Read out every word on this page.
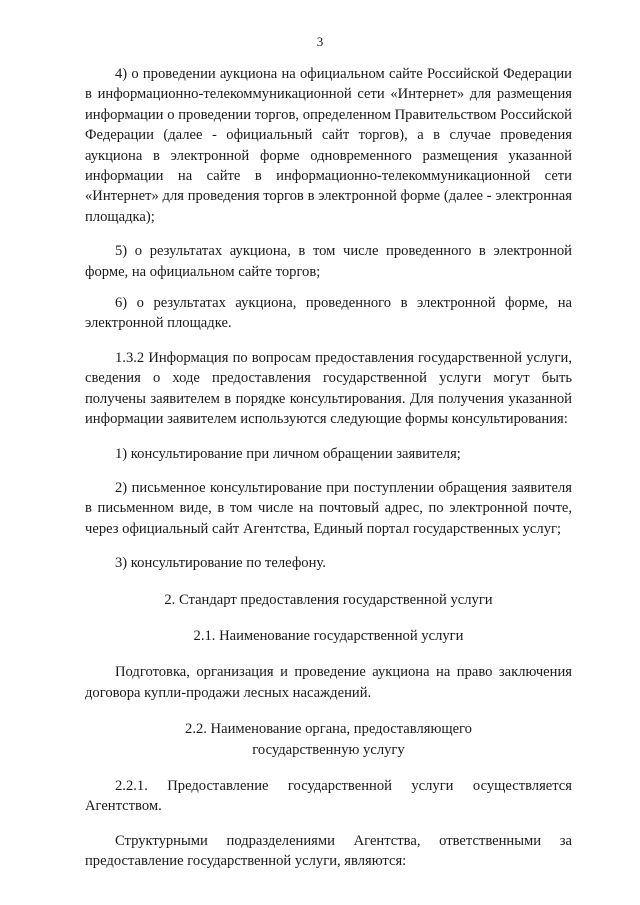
3

4) о проведении аукциона на официальном сайте Российской Федерации в информационно-телекоммуникационной сети «Интернет» для размещения информации о проведении торгов, определенном Правительством Российской Федерации (далее - официальный сайт торгов), а в случае проведения аукциона в электронной форме одновременного размещения указанной информации на сайте в информационно-телекоммуникационной сети «Интернет» для проведения торгов в электронной форме (далее - электронная площадка);

5) о результатах аукциона, в том числе проведенного в электронной форме, на официальном сайте торгов;

6) о результатах аукциона, проведенного в электронной форме, на электронной площадке.

1.3.2 Информация по вопросам предоставления государственной услуги, сведения о ходе предоставления государственной услуги могут быть получены заявителем в порядке консультирования. Для получения указанной информации заявителем используются следующие формы консультирования:

1) консультирование при личном обращении заявителя;

2) письменное консультирование при поступлении обращения заявителя в письменном виде, в том числе на почтовый адрес, по электронной почте, через официальный сайт Агентства, Единый портал государственных услуг;

3) консультирование по телефону.

2. Стандарт предоставления государственной услуги
2.1. Наименование государственной услуги

Подготовка, организация и проведение аукциона на право заключения договора купли-продажи лесных насаждений.

2.2. Наименование органа, предоставляющего
государственную услугу

2.2.1. Предоставление государственной услуги осуществляется Агентством.

Структурными подразделениями Агентства, ответственными за предоставление государственной услуги, являются:
